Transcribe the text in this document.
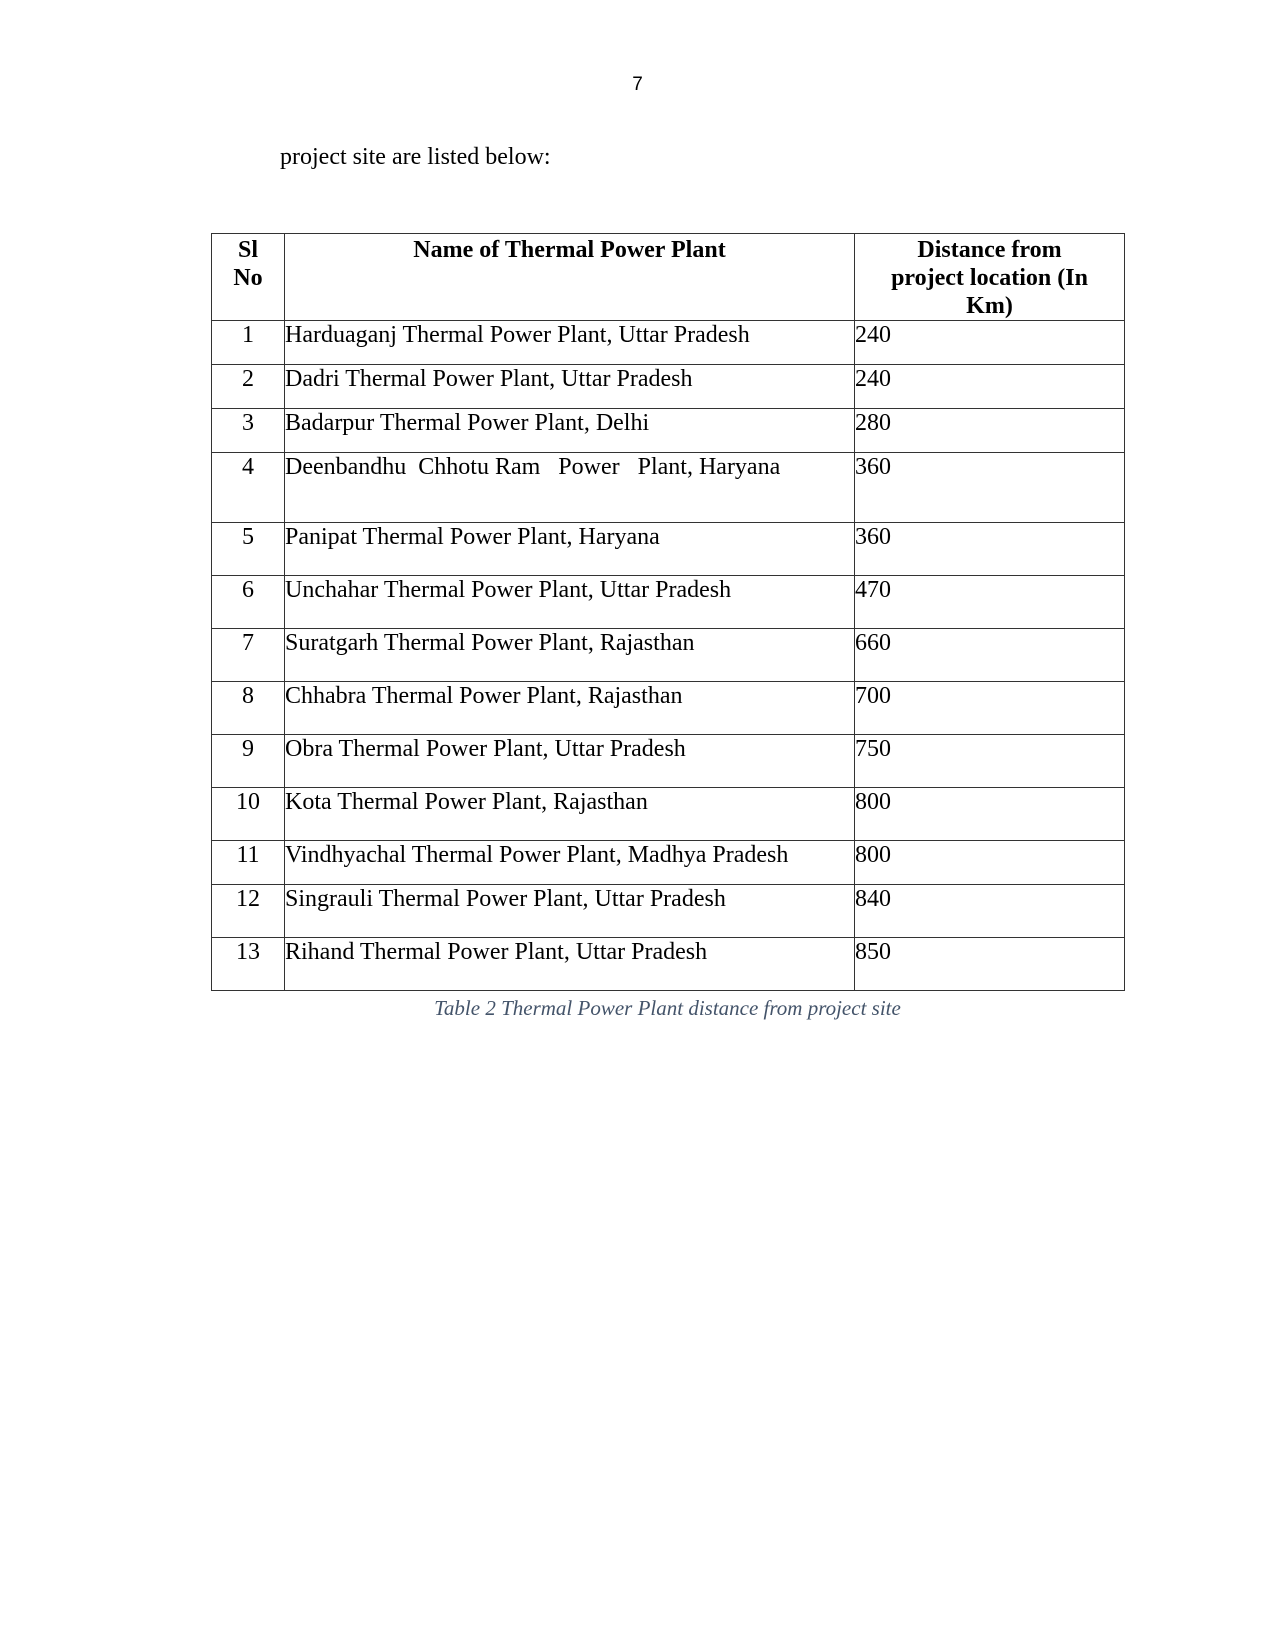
7
project site are listed below:
Sl No	Name of Thermal Power Plant	Distance from project location (In Km)
1	Harduaganj Thermal Power Plant, Uttar Pradesh	240
2	Dadri Thermal Power Plant, Uttar Pradesh	240
3	Badarpur Thermal Power Plant, Delhi	280
4	Deenbandhu  Chhotu Ram   Power   Plant, Haryana	360
5	Panipat Thermal Power Plant, Haryana	360
6	Unchahar Thermal Power Plant, Uttar Pradesh	470
7	Suratgarh Thermal Power Plant, Rajasthan	660
8	Chhabra Thermal Power Plant, Rajasthan	700
9	Obra Thermal Power Plant, Uttar Pradesh	750
10	Kota Thermal Power Plant, Rajasthan	800
11	Vindhyachal Thermal Power Plant, Madhya Pradesh	800
12	Singrauli Thermal Power Plant, Uttar Pradesh	840
13	Rihand Thermal Power Plant, Uttar Pradesh	850
Table 2 Thermal Power Plant distance from project site
